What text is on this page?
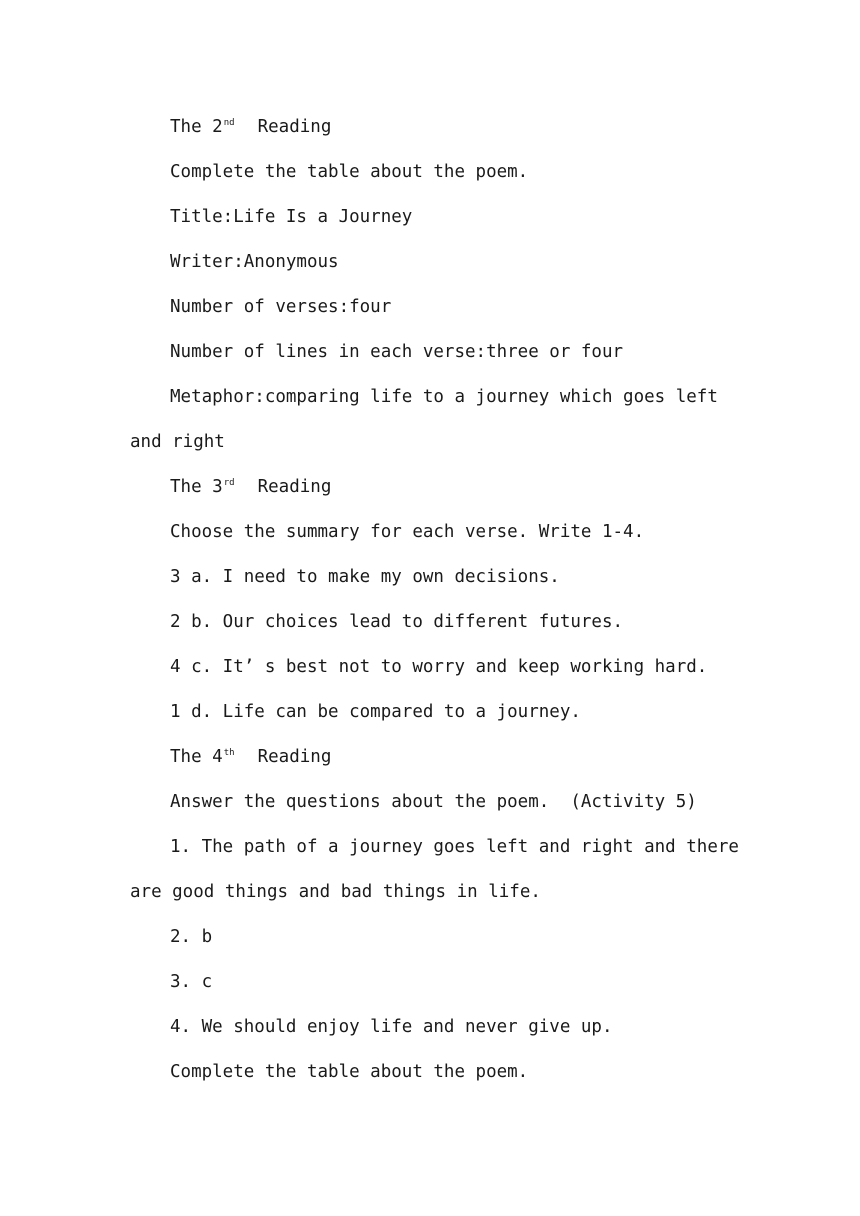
The 2nd  Reading

Complete the table about the poem.

Title:Life Is a Journey

Writer:Anonymous

Number of verses:four

Number of lines in each verse:three or four

Metaphor:comparing life to a journey which goes left and right

The 3rd  Reading

Choose the summary for each verse. Write 1-4.

3 a. I need to make my own decisions.

2 b. Our choices lead to different futures.

4 c. It’ s best not to worry and keep working hard.

1 d. Life can be compared to a journey.

The 4th  Reading

Answer the questions about the poem.  (Activity 5)

1. The path of a journey goes left and right and there are good things and bad things in life.

2. b

3. c

4. We should enjoy life and never give up.

Complete the table about the poem.
